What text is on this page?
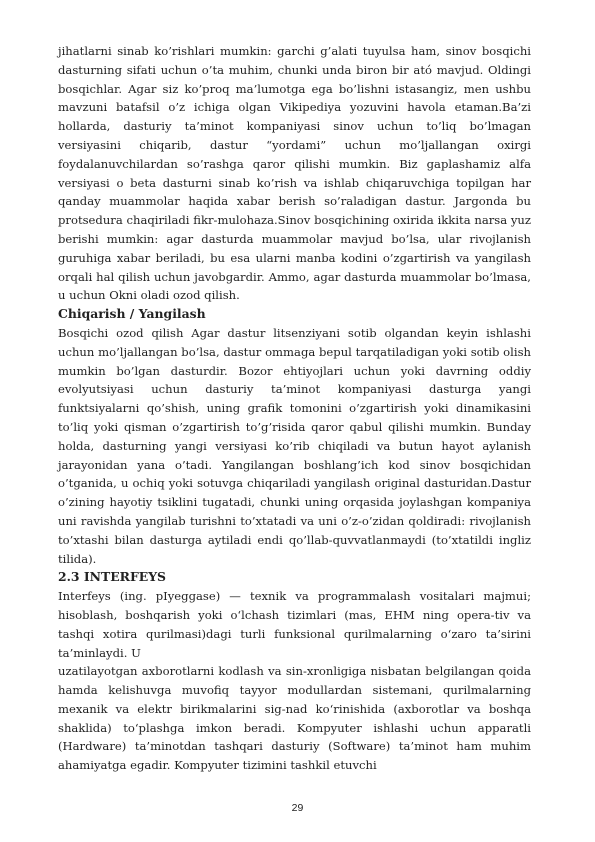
jihatlarni sinab ko’rishlari mumkin: garchi g’alati tuyulsa ham, sinov bosqichi dasturning sifati uchun o’ta muhim, chunki unda biron bir ató mavjud. Oldingi bosqichlar. Agar siz ko’proq ma’lumotga ega bo’lishni istasangiz, men ushbu mavzuni batafsil o’z ichiga olgan Vikipediya yozuvini havola etaman.Ba’zi hollarda, dasturiy ta’minot kompaniyasi sinov uchun to’liq bo’lmagan versiyasini chiqarib, dastur “yordami” uchun mo’ljallangan oxirgi foydalanuvchilardan so’rashga qaror qilishi mumkin. Biz gaplashamiz alfa versiyasi o beta dasturni sinab ko’rish va ishlab chiqaruvchiga topilgan har qanday muammolar haqida xabar berish so’raladigan dastur. Jargonda bu protsedura chaqiriladi fikr-mulohaza.Sinov bosqichining oxirida ikkita narsa yuz berishi mumkin: agar dasturda muammolar mavjud bo’lsa, ular rivojlanish guruhiga xabar beriladi, bu esa ularni manba kodini o’zgartirish va yangilash orqali hal qilish uchun javobgardir. Ammo, agar dasturda muammolar bo’lmasa, u uchun Okni oladi ozod qilish.

Chiqarish / Yangilash

Bosqichi ozod qilish Agar dastur litsenziyani sotib olgandan keyin ishlashi uchun mo’ljallangan bo’lsa, dastur ommaga bepul tarqatiladigan yoki sotib olish mumkin bo’lgan dasturdir. Bozor ehtiyojlari uchun yoki davrning oddiy evolyutsiyasi uchun dasturiy ta’minot kompaniyasi dasturga yangi funktsiyalarni qo’shish, uning grafik tomonini o’zgartirish yoki dinamikasini to’liq yoki qisman o’zgartirish to’g’risida qaror qabul qilishi mumkin. Bunday holda, dasturning yangi versiyasi ko’rib chiqiladi va butun hayot aylanish jarayonidan yana o’tadi. Yangilangan boshlang’ich kod sinov bosqichidan o’tganida, u ochiq yoki sotuvga chiqariladi yangilash original dasturidan.Dastur o’zining hayotiy tsiklini tugatadi, chunki uning orqasida joylashgan kompaniya uni ravishda yangilab turishni to’xtatadi va uni o’z-o’zidan qoldiradi: rivojlanish to’xtashi bilan dasturga aytiladi endi qo’llab-quvvatlanmaydi (to’xtatildi ingliz tilida).

2.3 INTERFEYS

Interfeys (ing. pIyeggase) — texnik va programmalash vositalari majmui; hisoblash, boshqarish yoki o‘lchash tizimlari (mas, EHM ning opera-tiv va tashqi xotira qurilmasi)dagi turli funksional qurilmalarning o‘zaro ta’sirini ta’minlaydi. U

uzatilayotgan axborotlarni kodlash va sin-xronligiga nisbatan belgilangan qoida hamda kelishuvga muvofiq tayyor modullardan sistemani, qurilmalarning mexanik va elektr birikmalarini sig-nad ko‘rinishida (axborotlar va boshqa shaklida) to‘plashga imkon beradi. Kompyuter ishlashi uchun apparatli (Hardware) ta’minotdan tashqari dasturiy (Software) ta’minot ham muhim ahamiyatga egadir. Kompyuter tizimini tashkil etuvchi

29
